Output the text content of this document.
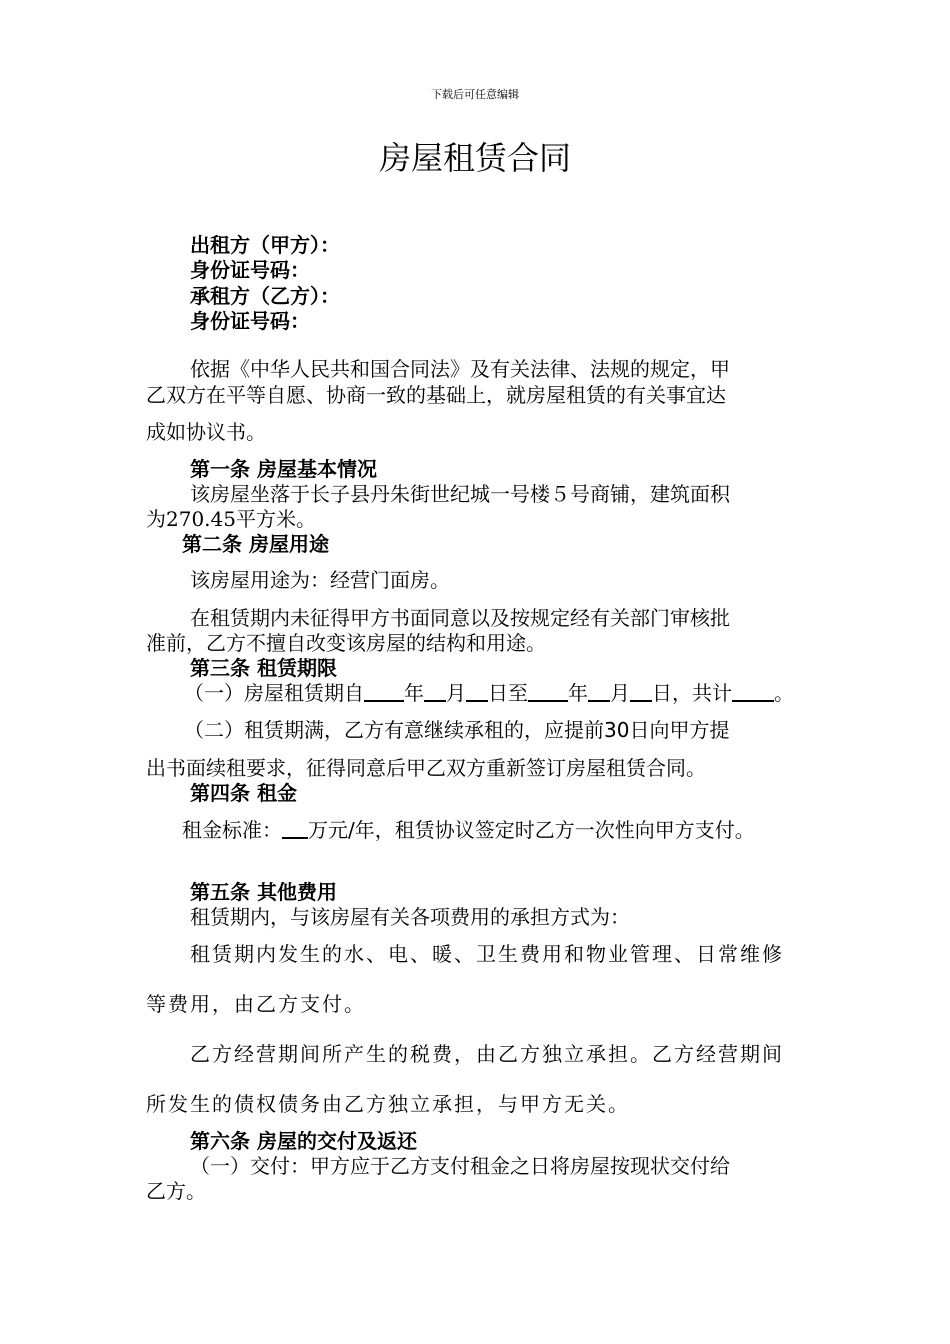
下载后可任意编辑
房屋租赁合同
出租方（甲方）：
身份证号码：
承租方（乙方）：
身份证号码：
依据《中华人民共和国合同法》及有关法律、法规的规定，甲
乙双方在平等自愿、协商一致的基础上，就房屋租赁的有关事宜达
成如协议书。
第一条 房屋基本情况
该房屋坐落于长子县丹朱街世纪城一号楼５号商铺，建筑面积
为270.45平方米。
第二条 房屋用途
该房屋用途为：经营门面房。
在租赁期内未征得甲方书面同意以及按规定经有关部门审核批
准前，乙方不擅自改变该房屋的结构和用途。
第三条 租赁期限
（一）房屋租赁期自 年 月 日至 年 月 日，共计 。
（二）租赁期满，乙方有意继续承租的，应提前30日向甲方提
出书面续租要求，征得同意后甲乙双方重新签订房屋租赁合同。
第四条 租金
租金标准： 万元/年，租赁协议签定时乙方一次性向甲方支付。
第五条 其他费用
租赁期内，与该房屋有关各项费用的承担方式为：
租赁期内发生的水、电、暖、卫生费用和物业管理、日常维修
等费用，由乙方支付。
乙方经营期间所产生的税费，由乙方独立承担。乙方经营期间
所发生的债权债务由乙方独立承担，与甲方无关。
第六条 房屋的交付及返还
（一）交付：甲方应于乙方支付租金之日将房屋按现状交付给
乙方。
